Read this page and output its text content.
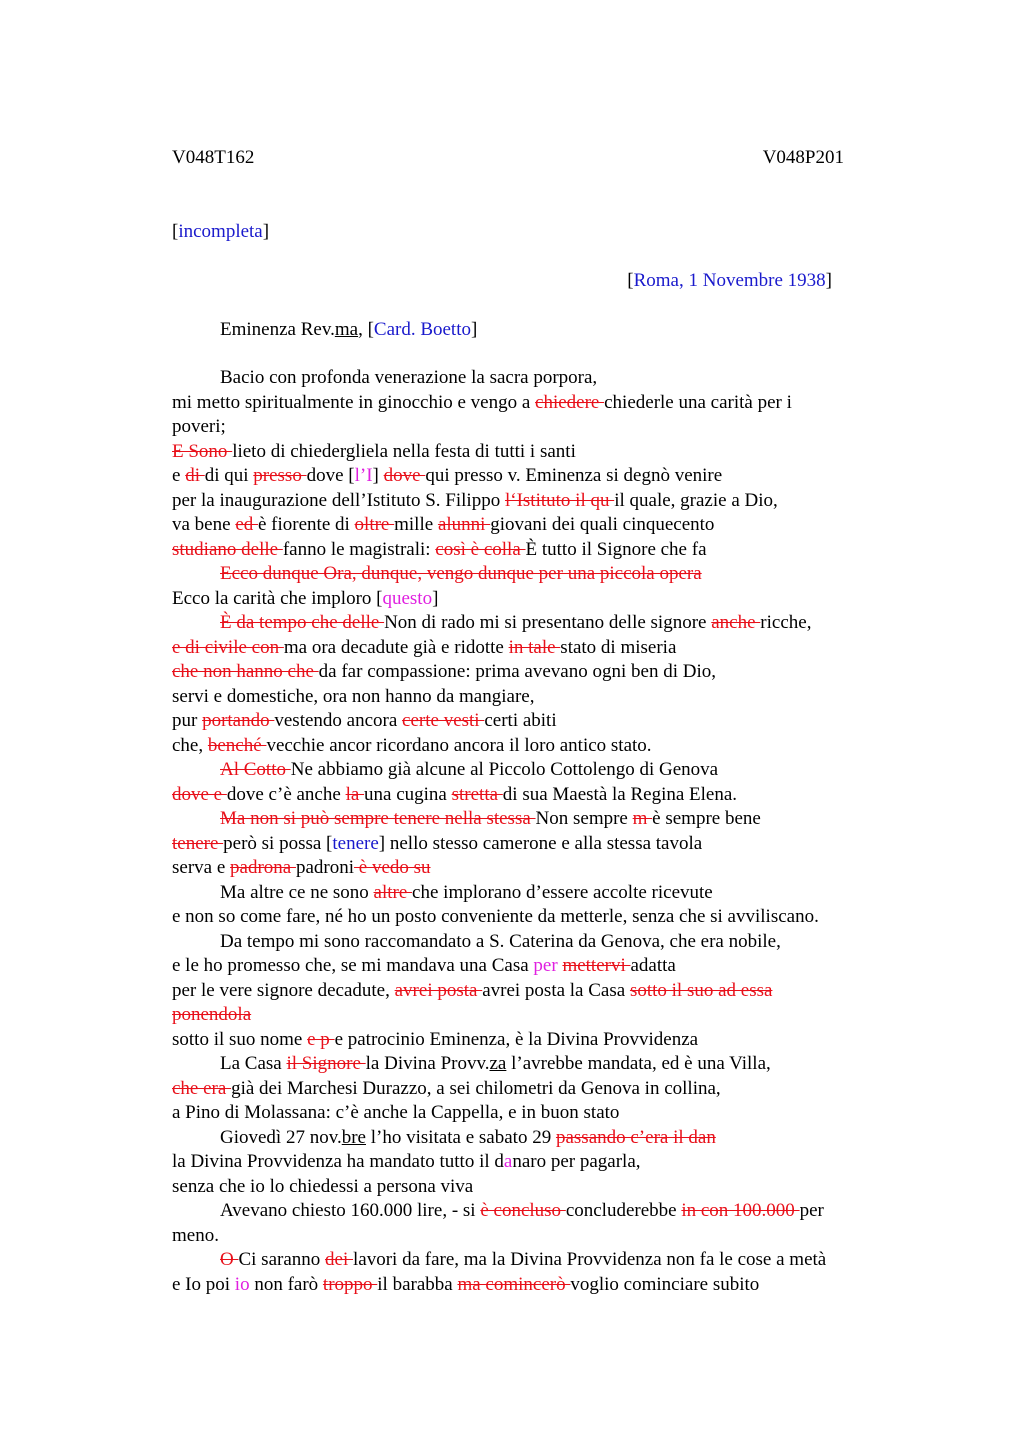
V048T162	V048P201
[incompleta]
[Roma, 1 Novembre 1938]
Eminenza Rev.ma, [Card. Boetto]
Bacio con profonda venerazione la sacra porpora,
mi metto spiritualmente in ginocchio e vengo a chiedere chiederle una carità per i
poveri;
E Sono lieto di chiedergliela nella festa di tutti i santi
e di di qui presso dove [l’I] dove qui presso v. Eminenza si degnò venire
per la inaugurazione dell’Istituto S. Filippo l‘Istituto il qu il quale, grazie a Dio,
va bene ed è fiorente di oltre mille alunni giovani dei quali cinquecento
studiano delle fanno le magistrali: così è colla È tutto il Signore che fa
Ecco dunque Ora, dunque, vengo dunque per una piccola opera
Ecco la carità che imploro [questo]
È da tempo che delle Non di rado mi si presentano delle signore anche ricche,
e di civile con ma ora decadute già e ridotte in tale stato di miseria
che non hanno che da far compassione: prima avevano ogni ben di Dio,
servi e domestiche, ora non hanno da mangiare,
pur portando vestendo ancora certe vesti certi abiti
che, benché vecchie ancor ricordano ancora il loro antico stato.
Al Cotto Ne abbiamo già alcune al Piccolo Cottolengo di Genova
dove e dove c’è anche la una cugina stretta di sua Maestà la Regina Elena.
Ma non si può sempre tenere nella stessa Non sempre m è sempre bene
tenere però si possa [tenere] nello stesso camerone e alla stessa tavola
serva e padrona padroni è vedo su
Ma altre ce ne sono altre che implorano d’essere accolte ricevute
e non so come fare, né ho un posto conveniente da metterle, senza che si avviliscano.
Da tempo mi sono raccomandato a S. Caterina da Genova, che era nobile,
e le ho promesso che, se mi mandava una Casa per mettervi adatta
per le vere signore decadute, avrei posta avrei posta la Casa sotto il suo ad essa
ponendola
sotto il suo nome e p e patrocinio Eminenza, è la Divina Provvidenza
La Casa il Signore la Divina Provv.za l’avrebbe mandata, ed è una Villa,
che era già dei Marchesi Durazzo, a sei chilometri da Genova in collina,
a Pino di Molassana: c’è anche la Cappella, e in buon stato
Giovedì 27 nov.bre l’ho visitata e sabato 29 passando c’era il dan
la Divina Provvidenza ha mandato tutto il danaro per pagarla,
senza che io lo chiedessi a persona viva
Avevano chiesto 160.000 lire, - si è concluso concluderebbe in con 100.000 per
meno.
O Ci saranno dei lavori da fare, ma la Divina Provvidenza non fa le cose a metà
e Io poi io non farò troppo il barabba ma comincerò voglio cominciare subito
